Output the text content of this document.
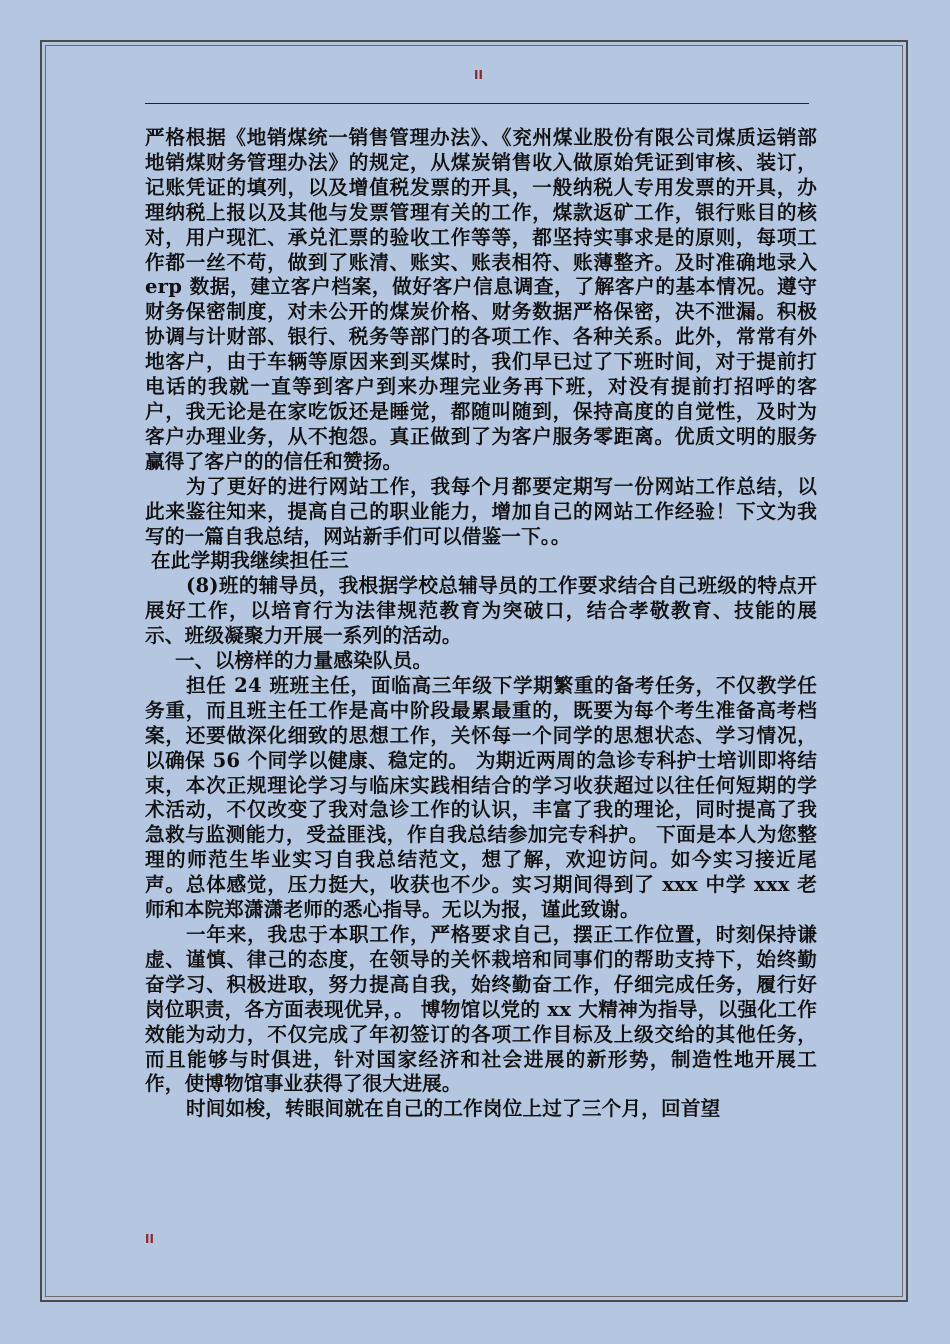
II

严格根据《地销煤统一销售管理办法》、《兖州煤业股份有限公司煤质运销部地销煤财务管理办法》的规定，从煤炭销售收入做原始凭证到审核、装订，记账凭证的填列，以及增值税发票的开具，一般纳税人专用发票的开具，办理纳税上报以及其他与发票管理有关的工作，煤款返矿工作，银行账目的核对，用户现汇、承兑汇票的验收工作等等，都坚持实事求是的原则，每项工作都一丝不苟，做到了账清、账实、账表相符、账薄整齐。及时准确地录入 erp 数据，建立客户档案，做好客户信息调查，了解客户的基本情况。遵守财务保密制度，对未公开的煤炭价格、财务数据严格保密，决不泄漏。积极协调与计财部、银行、税务等部门的各项工作、各种关系。此外，常常有外地客户，由于车辆等原因来到买煤时，我们早已过了下班时间，对于提前打电话的我就一直等到客户到来办理完业务再下班，对没有提前打招呼的客户，我无论是在家吃饭还是睡觉，都随叫随到，保持高度的自觉性，及时为客户办理业务，从不抱怨。真正做到了为客户服务零距离。优质文明的服务赢得了客户的的信任和赞扬。

为了更好的进行网站工作，我每个月都要定期写一份网站工作总结，以此来鉴往知来，提高自己的职业能力，增加自己的网站工作经验！下文为我写的一篇自我总结，网站新手们可以借鉴一下。。

在此学期我继续担任三

(8)班的辅导员，我根据学校总辅导员的工作要求结合自己班级的特点开展好工作，以培育行为法律规范教育为突破口，结合孝敬教育、技能的展示、班级凝聚力开展一系列的活动。

一、以榜样的力量感染队员。

担任 24 班班主任，面临高三年级下学期繁重的备考任务，不仅教学任务重，而且班主任工作是高中阶段最累最重的，既要为每个考生准备高考档案，还要做深化细致的思想工作，关怀每一个同学的思想状态、学习情况，以确保 56 个同学以健康、稳定的。 为期近两周的急诊专科护士培训即将结束，本次正规理论学习与临床实践相结合的学习收获超过以往任何短期的学术活动，不仅改变了我对急诊工作的认识，丰富了我的理论，同时提高了我急救与监测能力，受益匪浅，作自我总结参加完专科护。 下面是本人为您整理的师范生毕业实习自我总结范文，想了解，欢迎访问。如今实习接近尾声。总体感觉，压力挺大，收获也不少。实习期间得到了 xxx 中学 xxx 老师和本院郑潇潇老师的悉心指导。无以为报，谨此致谢。

一年来，我忠于本职工作，严格要求自己，摆正工作位置，时刻保持谦虚、谨慎、律己的态度，在领导的关怀栽培和同事们的帮助支持下，始终勤奋学习、积极进取，努力提高自我，始终勤奋工作，仔细完成任务，履行好岗位职责，各方面表现优异，。 博物馆以党的 xx 大精神为指导，以强化工作效能为动力，不仅完成了年初签订的各项工作目标及上级交给的其他任务，而且能够与时俱进，针对国家经济和社会进展的新形势，制造性地开展工作，使博物馆事业获得了很大进展。

时间如梭，转眼间就在自己的工作岗位上过了三个月，回首望

II
